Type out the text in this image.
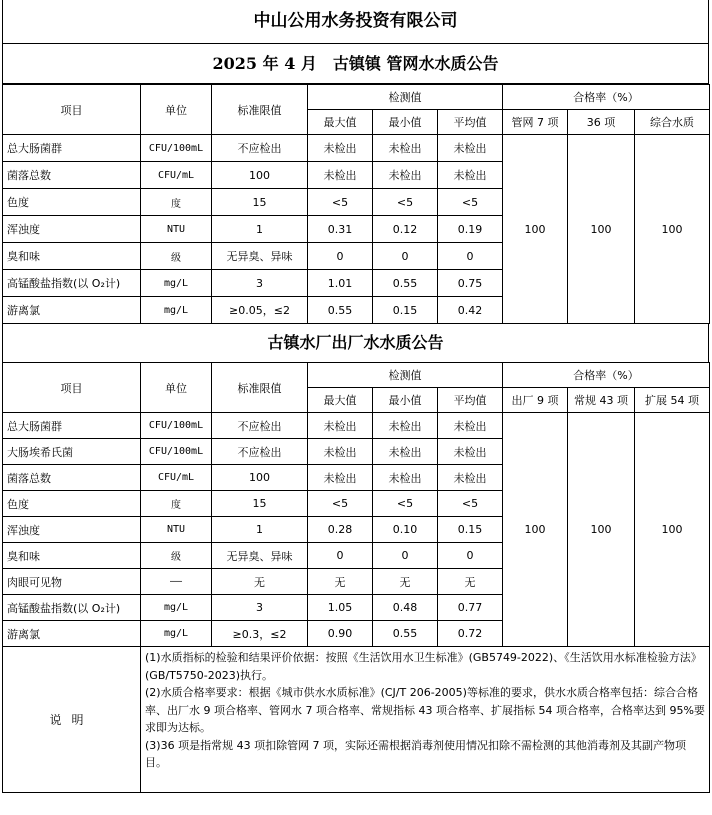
中山公用水务投资有限公司
2025 年 4 月　古镇镇 管网水水质公告
项目	单位	标准限值	检测值			合格率（%）		
			最大值	最小值	平均值	管网 7 项	36 项	综合水质
总大肠菌群	CFU/100mL	不应检出	未检出	未检出	未检出	100	100	100
菌落总数	CFU/mL	100	未检出	未检出	未检出			
色度	度	15	<5	<5	<5			
浑浊度	NTU	1	0.31	0.12	0.19			
臭和味	级	无异臭、异味	0	0	0			
高锰酸盐指数(以 O₂计)	mg/L	3	1.01	0.55	0.75			
游离氯	mg/L	≥0.05，≤2	0.55	0.15	0.42			
古镇水厂出厂水水质公告
项目	单位	标准限值	检测值			合格率（%）		
			最大值	最小值	平均值	出厂 9 项	常规 43 项	扩展 54 项
总大肠菌群	CFU/100mL	不应检出	未检出	未检出	未检出	100	100	100
大肠埃希氏菌	CFU/100mL	不应检出	未检出	未检出	未检出			
菌落总数	CFU/mL	100	未检出	未检出	未检出			
色度	度	15	<5	<5	<5			
浑浊度	NTU	1	0.28	0.10	0.15			
臭和味	级	无异臭、异味	0	0	0			
肉眼可见物	——	无	无	无	无			
高锰酸盐指数(以 O₂计)	mg/L	3	1.05	0.48	0.77			
游离氯	mg/L	≥0.3，≤2	0.90	0.55	0.72			
说明	(1)水质指标的检验和结果评价依据：按照《生活饮用水卫生标准》(GB5749-2022)、《生活饮用水标准检验方法》(GB/T5750-2023)执行。
(2)水质合格率要求：根据《城市供水水质标准》(CJ/T 206-2005)等标准的要求，供水水质合格率包括：综合合格率、出厂水 9 项合格率、管网水 7 项合格率、常规指标 43 项合格率、扩展指标 54 项合格率，合格率达到 95%要求即为达标。
(3)36 项是指常规 43 项扣除管网 7 项，实际还需根据消毒剂使用情况扣除不需检测的其他消毒剂及其副产物项目。							
